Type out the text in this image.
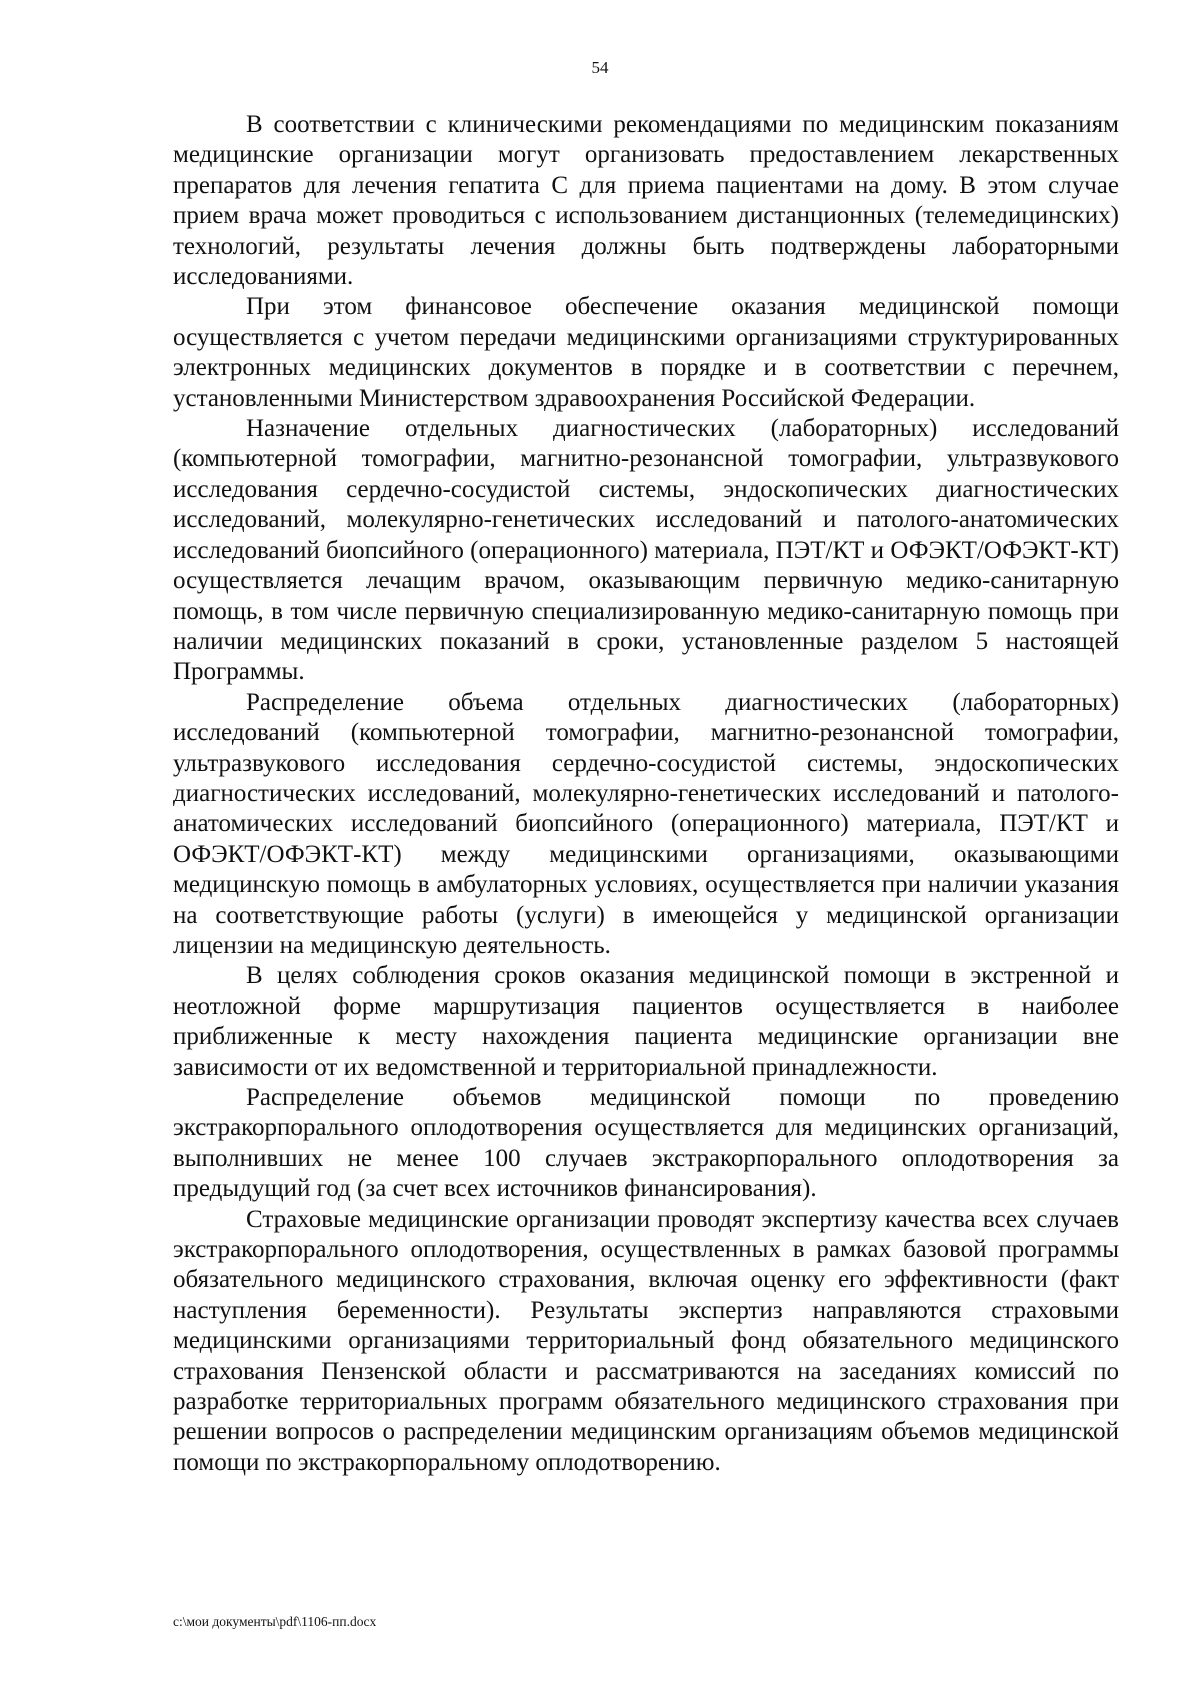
54

В соответствии с клиническими рекомендациями по медицинским показаниям медицинские организации могут организовать предоставлением лекарственных препаратов для лечения гепатита С для приема пациентами на дому. В этом случае прием врача может проводиться с использованием дистанционных (телемедицинских) технологий, результаты лечения должны быть подтверждены лабораторными исследованиями.

При этом финансовое обеспечение оказания медицинской помощи осуществляется с учетом передачи медицинскими организациями структурированных электронных медицинских документов в порядке и в соответствии с перечнем, установленными Министерством здравоохранения Российской Федерации.

Назначение отдельных диагностических (лабораторных) исследований (компьютерной томографии, магнитно-резонансной томографии, ультразвукового исследования сердечно-сосудистой системы, эндоскопических диагностических исследований, молекулярно-генетических исследований и патолого-анатомических исследований биопсийного (операционного) материала, ПЭТ/КТ и ОФЭКТ/ОФЭКТ-КТ) осуществляется лечащим врачом, оказывающим первичную медико-санитарную помощь, в том числе первичную специализированную медико-санитарную помощь при наличии медицинских показаний в сроки, установленные разделом 5 настоящей Программы.

Распределение объема отдельных диагностических (лабораторных) исследований (компьютерной томографии, магнитно-резонансной томографии, ультразвукового исследования сердечно-сосудистой системы, эндоскопических диагностических исследований, молекулярно-генетических исследований и патолого-анатомических исследований биопсийного (операционного) материала, ПЭТ/КТ и ОФЭКТ/ОФЭКТ-КТ) между медицинскими организациями, оказывающими медицинскую помощь в амбулаторных условиях, осуществляется при наличии указания на соответствующие работы (услуги) в имеющейся у медицинской организации лицензии на медицинскую деятельность.

В целях соблюдения сроков оказания медицинской помощи в экстренной и неотложной форме маршрутизация пациентов осуществляется в наиболее приближенные к месту нахождения пациента медицинские организации вне зависимости от их ведомственной и территориальной принадлежности.

Распределение объемов медицинской помощи по проведению экстракорпорального оплодотворения осуществляется для медицинских организаций, выполнивших не менее 100 случаев экстракорпорального оплодотворения за предыдущий год (за счет всех источников финансирования).

Страховые медицинские организации проводят экспертизу качества всех случаев экстракорпорального оплодотворения, осуществленных в рамках базовой программы обязательного медицинского страхования, включая оценку его эффективности (факт наступления беременности). Результаты экспертиз направляются страховыми медицинскими организациями территориальный фонд обязательного медицинского страхования Пензенской области и рассматриваются на заседаниях комиссий по разработке территориальных программ обязательного медицинского страхования при решении вопросов о распределении медицинским организациям объемов медицинской помощи по экстракорпоральному оплодотворению.

c:\мои документы\pdf\1106-пп.docx
